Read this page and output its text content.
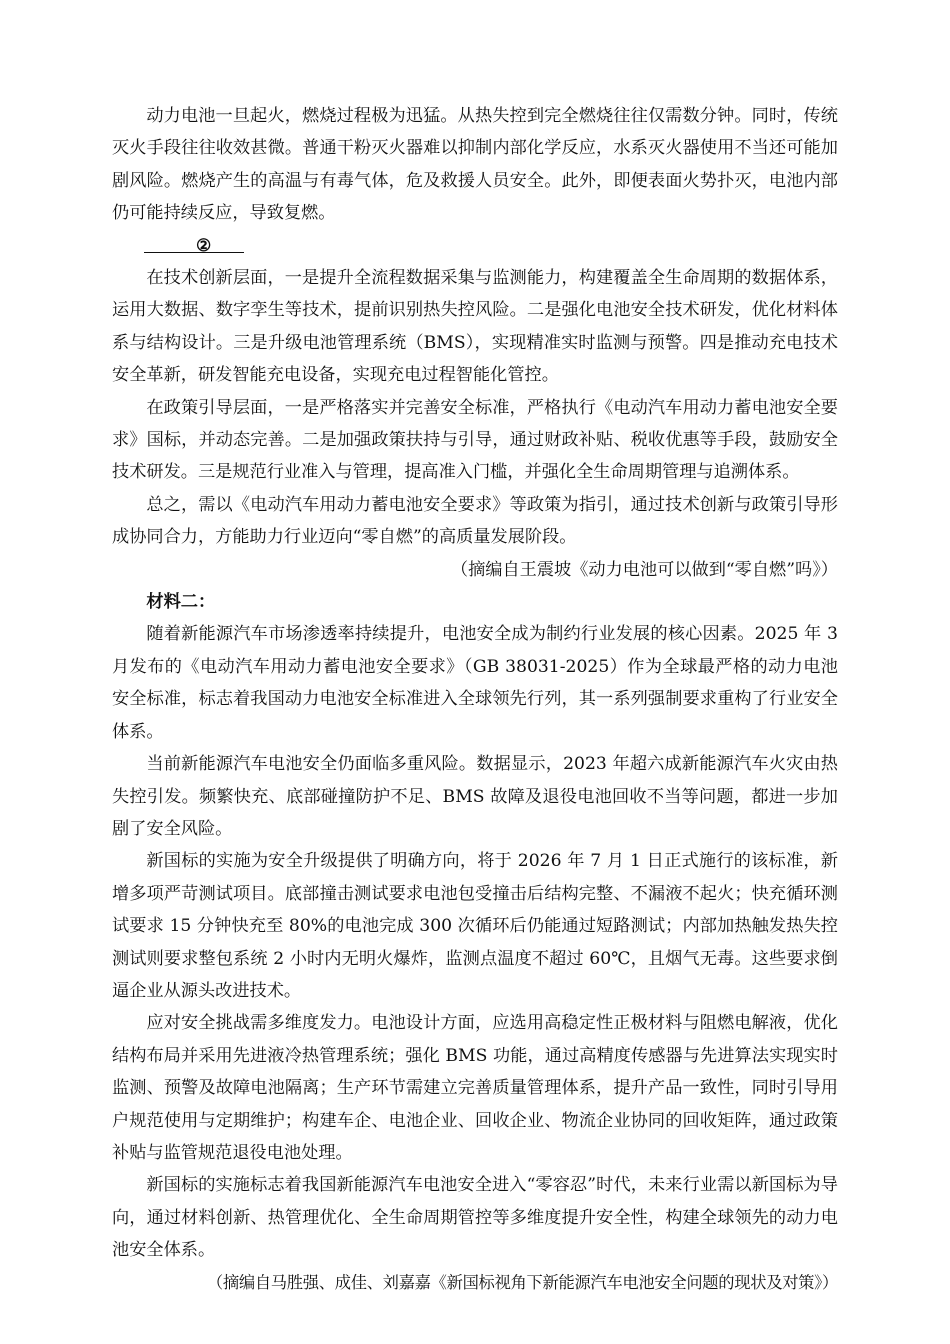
动力电池一旦起火，燃烧过程极为迅猛。从热失控到完全燃烧往往仅需数分钟。同时，传统灭火手段往往收效甚微。普通干粉灭火器难以抑制内部化学反应，水系灭火器使用不当还可能加剧风险。燃烧产生的高温与有毒气体，危及救援人员安全。此外，即便表面火势扑灭，电池内部仍可能持续反应，导致复燃。

②

在技术创新层面，一是提升全流程数据采集与监测能力，构建覆盖全生命周期的数据体系，运用大数据、数字孪生等技术，提前识别热失控风险。二是强化电池安全技术研发，优化材料体系与结构设计。三是升级电池管理系统（BMS），实现精准实时监测与预警。四是推动充电技术安全革新，研发智能充电设备，实现充电过程智能化管控。

在政策引导层面，一是严格落实并完善安全标准，严格执行《电动汽车用动力蓄电池安全要求》国标，并动态完善。二是加强政策扶持与引导，通过财政补贴、税收优惠等手段，鼓励安全技术研发。三是规范行业准入与管理，提高准入门槛，并强化全生命周期管理与追溯体系。

总之，需以《电动汽车用动力蓄电池安全要求》等政策为指引，通过技术创新与政策引导形成协同合力，方能助力行业迈向“零自燃”的高质量发展阶段。

（摘编自王震坡《动力电池可以做到“零自燃”吗》）

材料二：

随着新能源汽车市场渗透率持续提升，电池安全成为制约行业发展的核心因素。2025 年 3 月发布的《电动汽车用动力蓄电池安全要求》（GB 38031-2025）作为全球最严格的动力电池安全标准，标志着我国动力电池安全标准进入全球领先行列，其一系列强制要求重构了行业安全体系。

当前新能源汽车电池安全仍面临多重风险。数据显示，2023 年超六成新能源汽车火灾由热失控引发。频繁快充、底部碰撞防护不足、BMS 故障及退役电池回收不当等问题，都进一步加剧了安全风险。

新国标的实施为安全升级提供了明确方向，将于 2026 年 7 月 1 日正式施行的该标准，新增多项严苛测试项目。底部撞击测试要求电池包受撞击后结构完整、不漏液不起火；快充循环测试要求 15 分钟快充至 80%的电池完成 300 次循环后仍能通过短路测试；内部加热触发热失控测试则要求整包系统 2 小时内无明火爆炸，监测点温度不超过 60℃，且烟气无毒。这些要求倒逼企业从源头改进技术。

应对安全挑战需多维度发力。电池设计方面，应选用高稳定性正极材料与阻燃电解液，优化结构布局并采用先进液冷热管理系统；强化 BMS 功能，通过高精度传感器与先进算法实现实时监测、预警及故障电池隔离；生产环节需建立完善质量管理体系，提升产品一致性，同时引导用户规范使用与定期维护；构建车企、电池企业、回收企业、物流企业协同的回收矩阵，通过政策补贴与监管规范退役电池处理。

新国标的实施标志着我国新能源汽车电池安全进入“零容忍”时代，未来行业需以新国标为导向，通过材料创新、热管理优化、全生命周期管控等多维度提升安全性，构建全球领先的动力电池安全体系。

（摘编自马胜强、成佳、刘嘉嘉《新国标视角下新能源汽车电池安全问题的现状及对策》）
